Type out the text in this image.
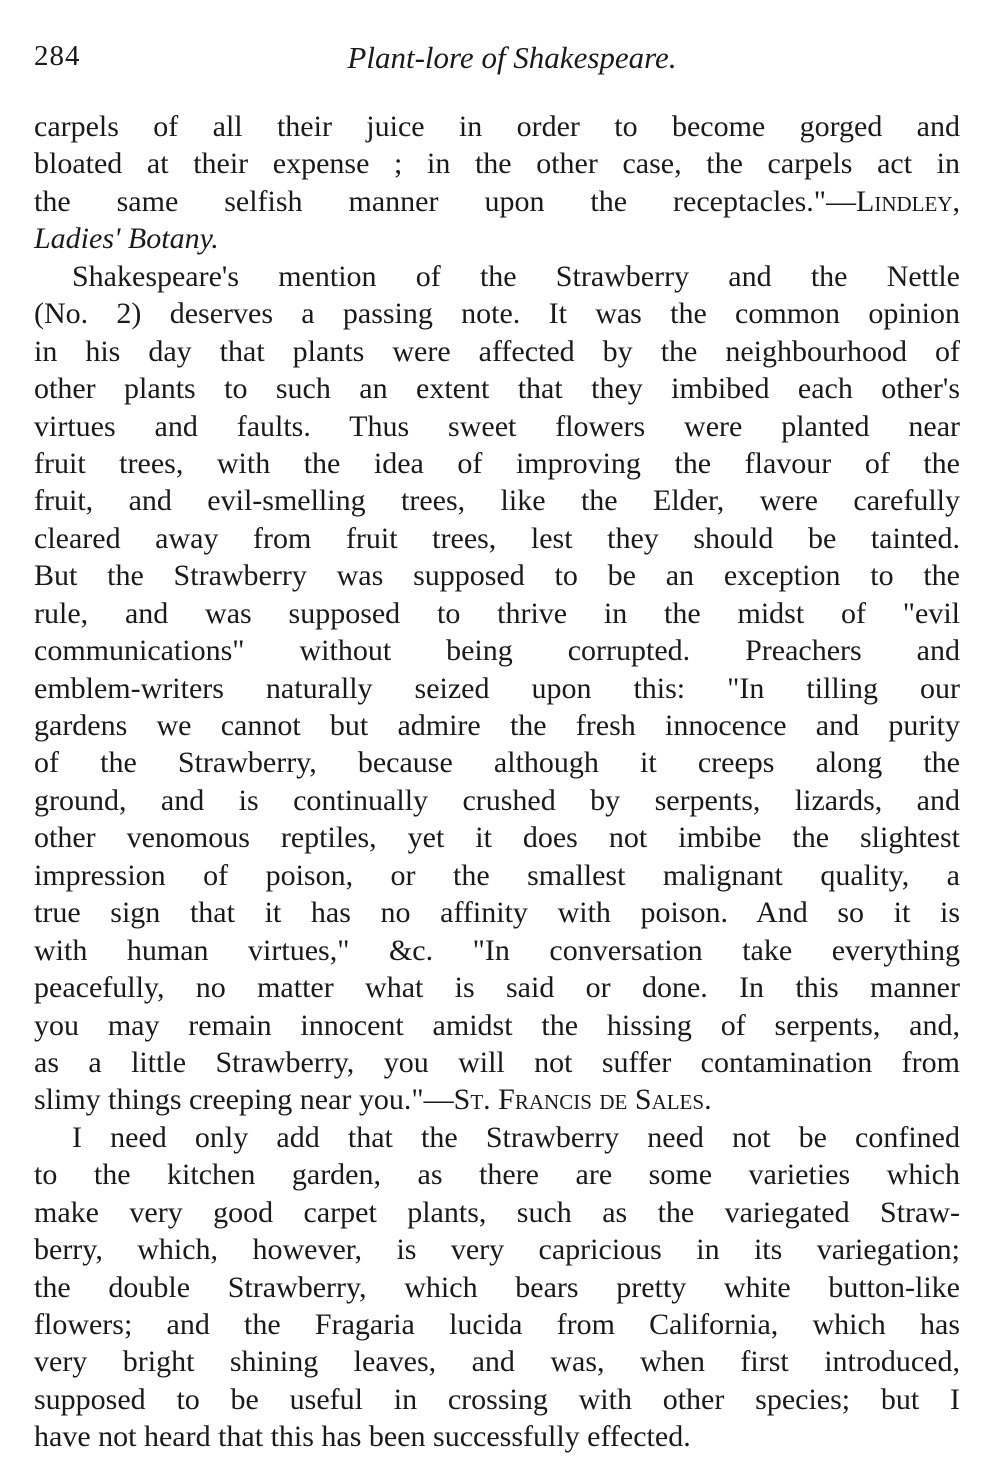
284	Plant-lore of Shakespeare.
carpels of all their juice in order to become gorged and
bloated at their expense ; in the other case, the carpels act in
the same selfish manner upon the receptacles."—Lindley,
Ladies' Botany.
Shakespeare's mention of the Strawberry and the Nettle
(No. 2) deserves a passing note. It was the common opinion
in his day that plants were affected by the neighbourhood of
other plants to such an extent that they imbibed each other's
virtues and faults. Thus sweet flowers were planted near
fruit trees, with the idea of improving the flavour of the
fruit, and evil-smelling trees, like the Elder, were carefully
cleared away from fruit trees, lest they should be tainted.
But the Strawberry was supposed to be an exception to the
rule, and was supposed to thrive in the midst of "evil
communications" without being corrupted. Preachers and
emblem-writers naturally seized upon this: "In tilling our
gardens we cannot but admire the fresh innocence and purity
of the Strawberry, because although it creeps along the
ground, and is continually crushed by serpents, lizards, and
other venomous reptiles, yet it does not imbibe the slightest
impression of poison, or the smallest malignant quality, a
true sign that it has no affinity with poison. And so it is
with human virtues," &c. "In conversation take everything
peacefully, no matter what is said or done. In this manner
you may remain innocent amidst the hissing of serpents, and,
as a little Strawberry, you will not suffer contamination from
slimy things creeping near you."—St. Francis de Sales.
I need only add that the Strawberry need not be confined
to the kitchen garden, as there are some varieties which
make very good carpet plants, such as the variegated Straw-
berry, which, however, is very capricious in its variegation;
the double Strawberry, which bears pretty white button-like
flowers; and the Fragaria lucida from California, which has
very bright shining leaves, and was, when first introduced,
supposed to be useful in crossing with other species; but I
have not heard that this has been successfully effected.
